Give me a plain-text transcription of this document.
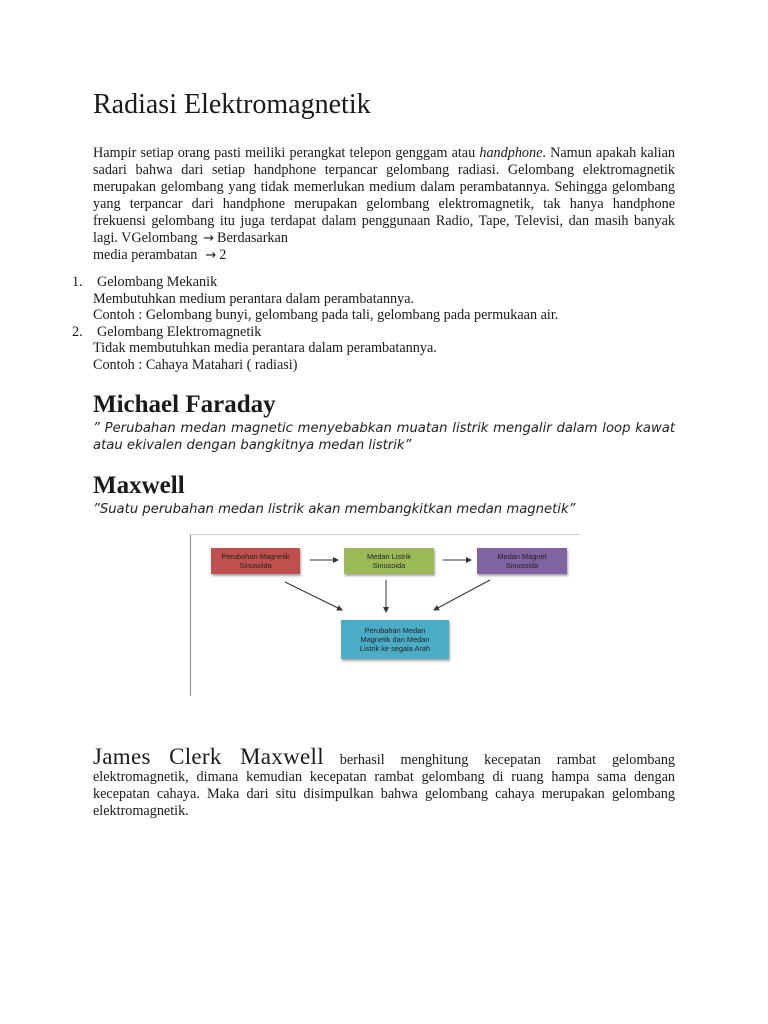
Radiasi Elektromagnetik

Hampir setiap orang pasti meiliki perangkat telepon genggam atau handphone. Namun apakah kalian sadari bahwa dari setiap handphone terpancar gelombang radiasi. Gelombang elektromagnetik merupakan gelombang yang tidak memerlukan medium dalam perambatannya. Sehingga gelombang yang terpancar dari handphone merupakan gelombang elektromagnetik, tak hanya handphone frekuensi gelombang itu juga terdapat dalam penggunaan Radio, Tape, Televisi, dan masih banyak lagi. VGelombang → Berdasarkan
media perambatan → 2

1. Gelombang Mekanik
Membutuhkan medium perantara dalam perambatannya.
Contoh : Gelombang bunyi, gelombang pada tali, gelombang pada permukaan air.
2. Gelombang Elektromagnetik
Tidak membutuhkan media perantara dalam perambatannya.
Contoh : Cahaya Matahari ( radiasi)
Michael Faraday

” Perubahan medan magnetic menyebabkan muatan listrik mengalir dalam loop kawat atau ekivalen dengan bangkitnya medan listrik”

Maxwell

”Suatu perubahan medan listrik akan membangkitkan medan magnetik”

James Clerk Maxwell berhasil menghitung kecepatan rambat gelombang elektromagnetik, dimana kemudian kecepatan rambat gelombang di ruang hampa sama dengan kecepatan cahaya. Maka dari situ disimpulkan bahwa gelombang cahaya merupakan gelombang elektromagnetik.

Perubahan Magnetik
Sinusoida
Medan Listrik
Sinusoida
Medan Magnet
Sinusoida
Perubahan Medan
Magnetik dan Medan
Listrik ke segala Arah
